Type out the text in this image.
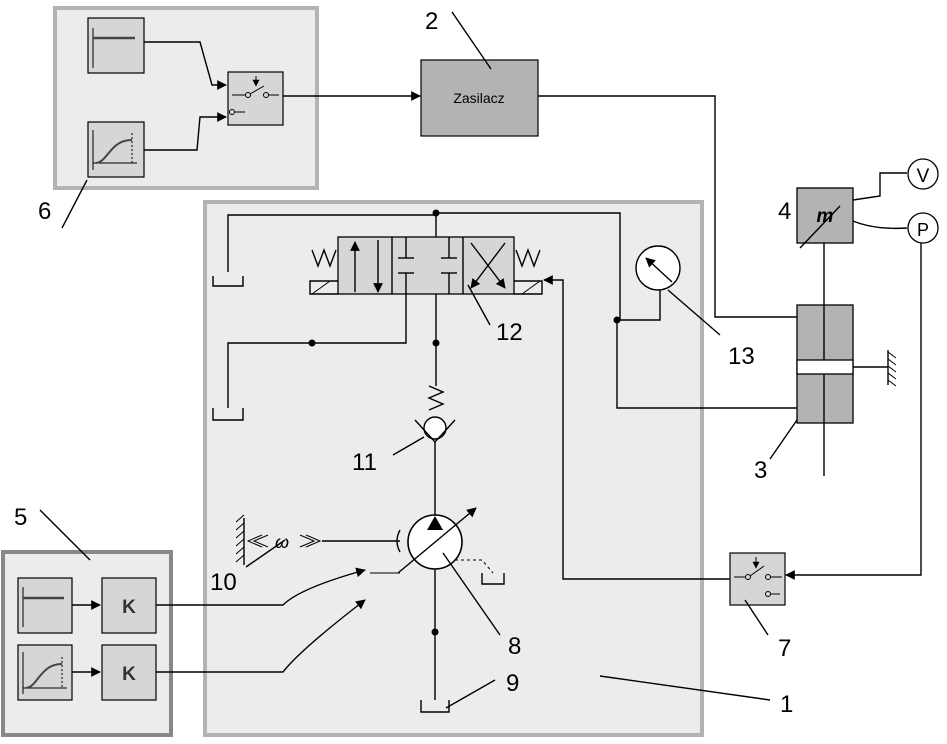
Zasilacz
ω
m
V
P
K
K
2
6	4
3
5
12
13
11
10
8
9
1
7
